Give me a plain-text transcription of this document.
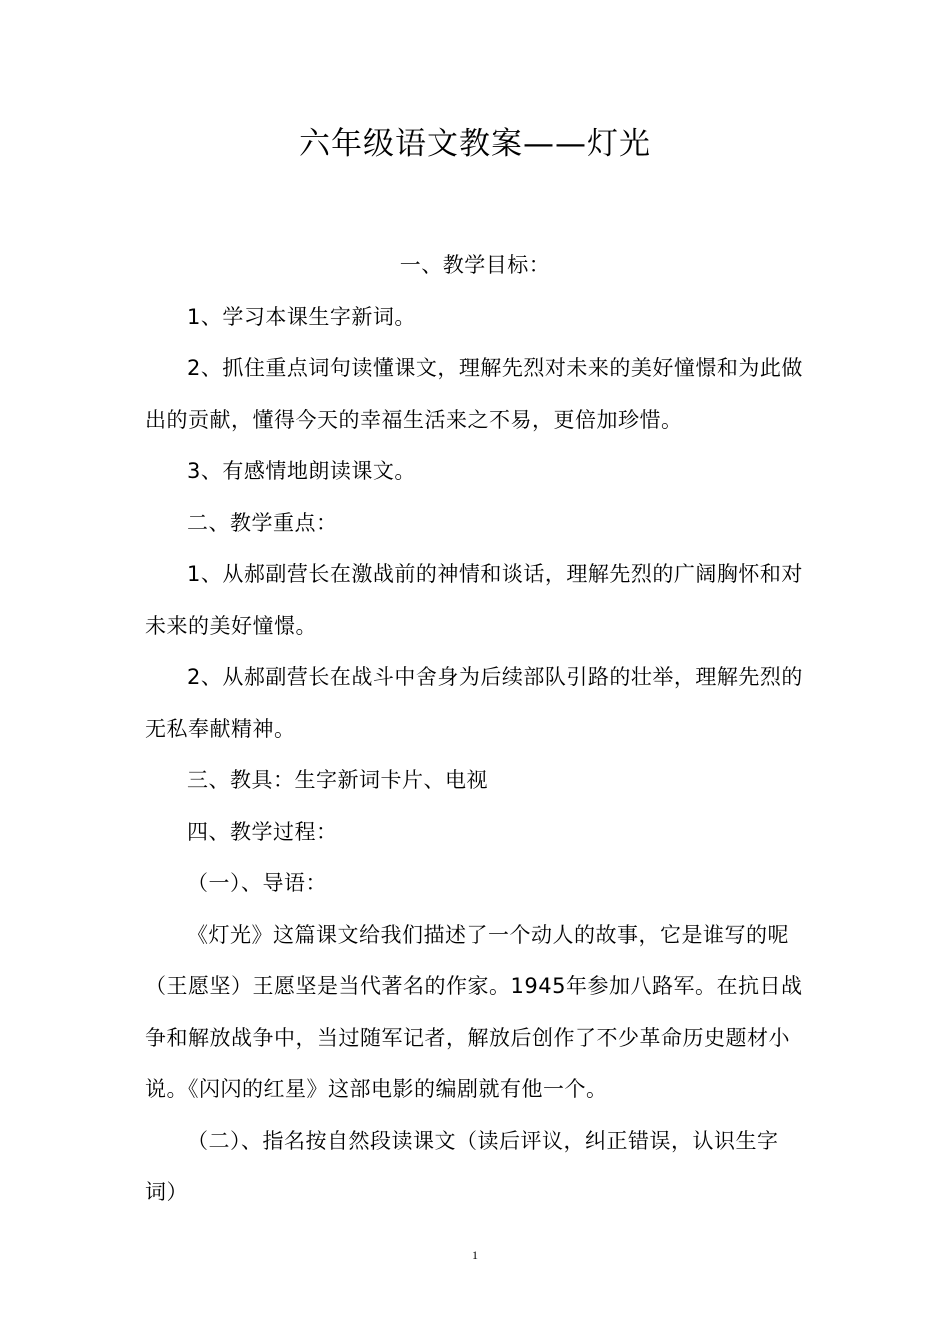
六年级语文教案——灯光

一、教学目标：

1、学习本课生字新词。

2、抓住重点词句读懂课文，理解先烈对未来的美好憧憬和为此做出的贡献，懂得今天的幸福生活来之不易，更倍加珍惜。

3、有感情地朗读课文。

二、教学重点：

1、从郝副营长在激战前的神情和谈话，理解先烈的广阔胸怀和对未来的美好憧憬。

2、从郝副营长在战斗中舍身为后续部队引路的壮举，理解先烈的无私奉献精神。

三、教具：生字新词卡片、电视

四、教学过程：

（一）、导语：

《灯光》这篇课文给我们描述了一个动人的故事，它是谁写的呢（王愿坚）王愿坚是当代著名的作家。1945年参加八路军。在抗日战争和解放战争中，当过随军记者，解放后创作了不少革命历史题材小说。《闪闪的红星》这部电影的编剧就有他一个。

（二）、指名按自然段读课文（读后评议，纠正错误，认识生字词）

1
